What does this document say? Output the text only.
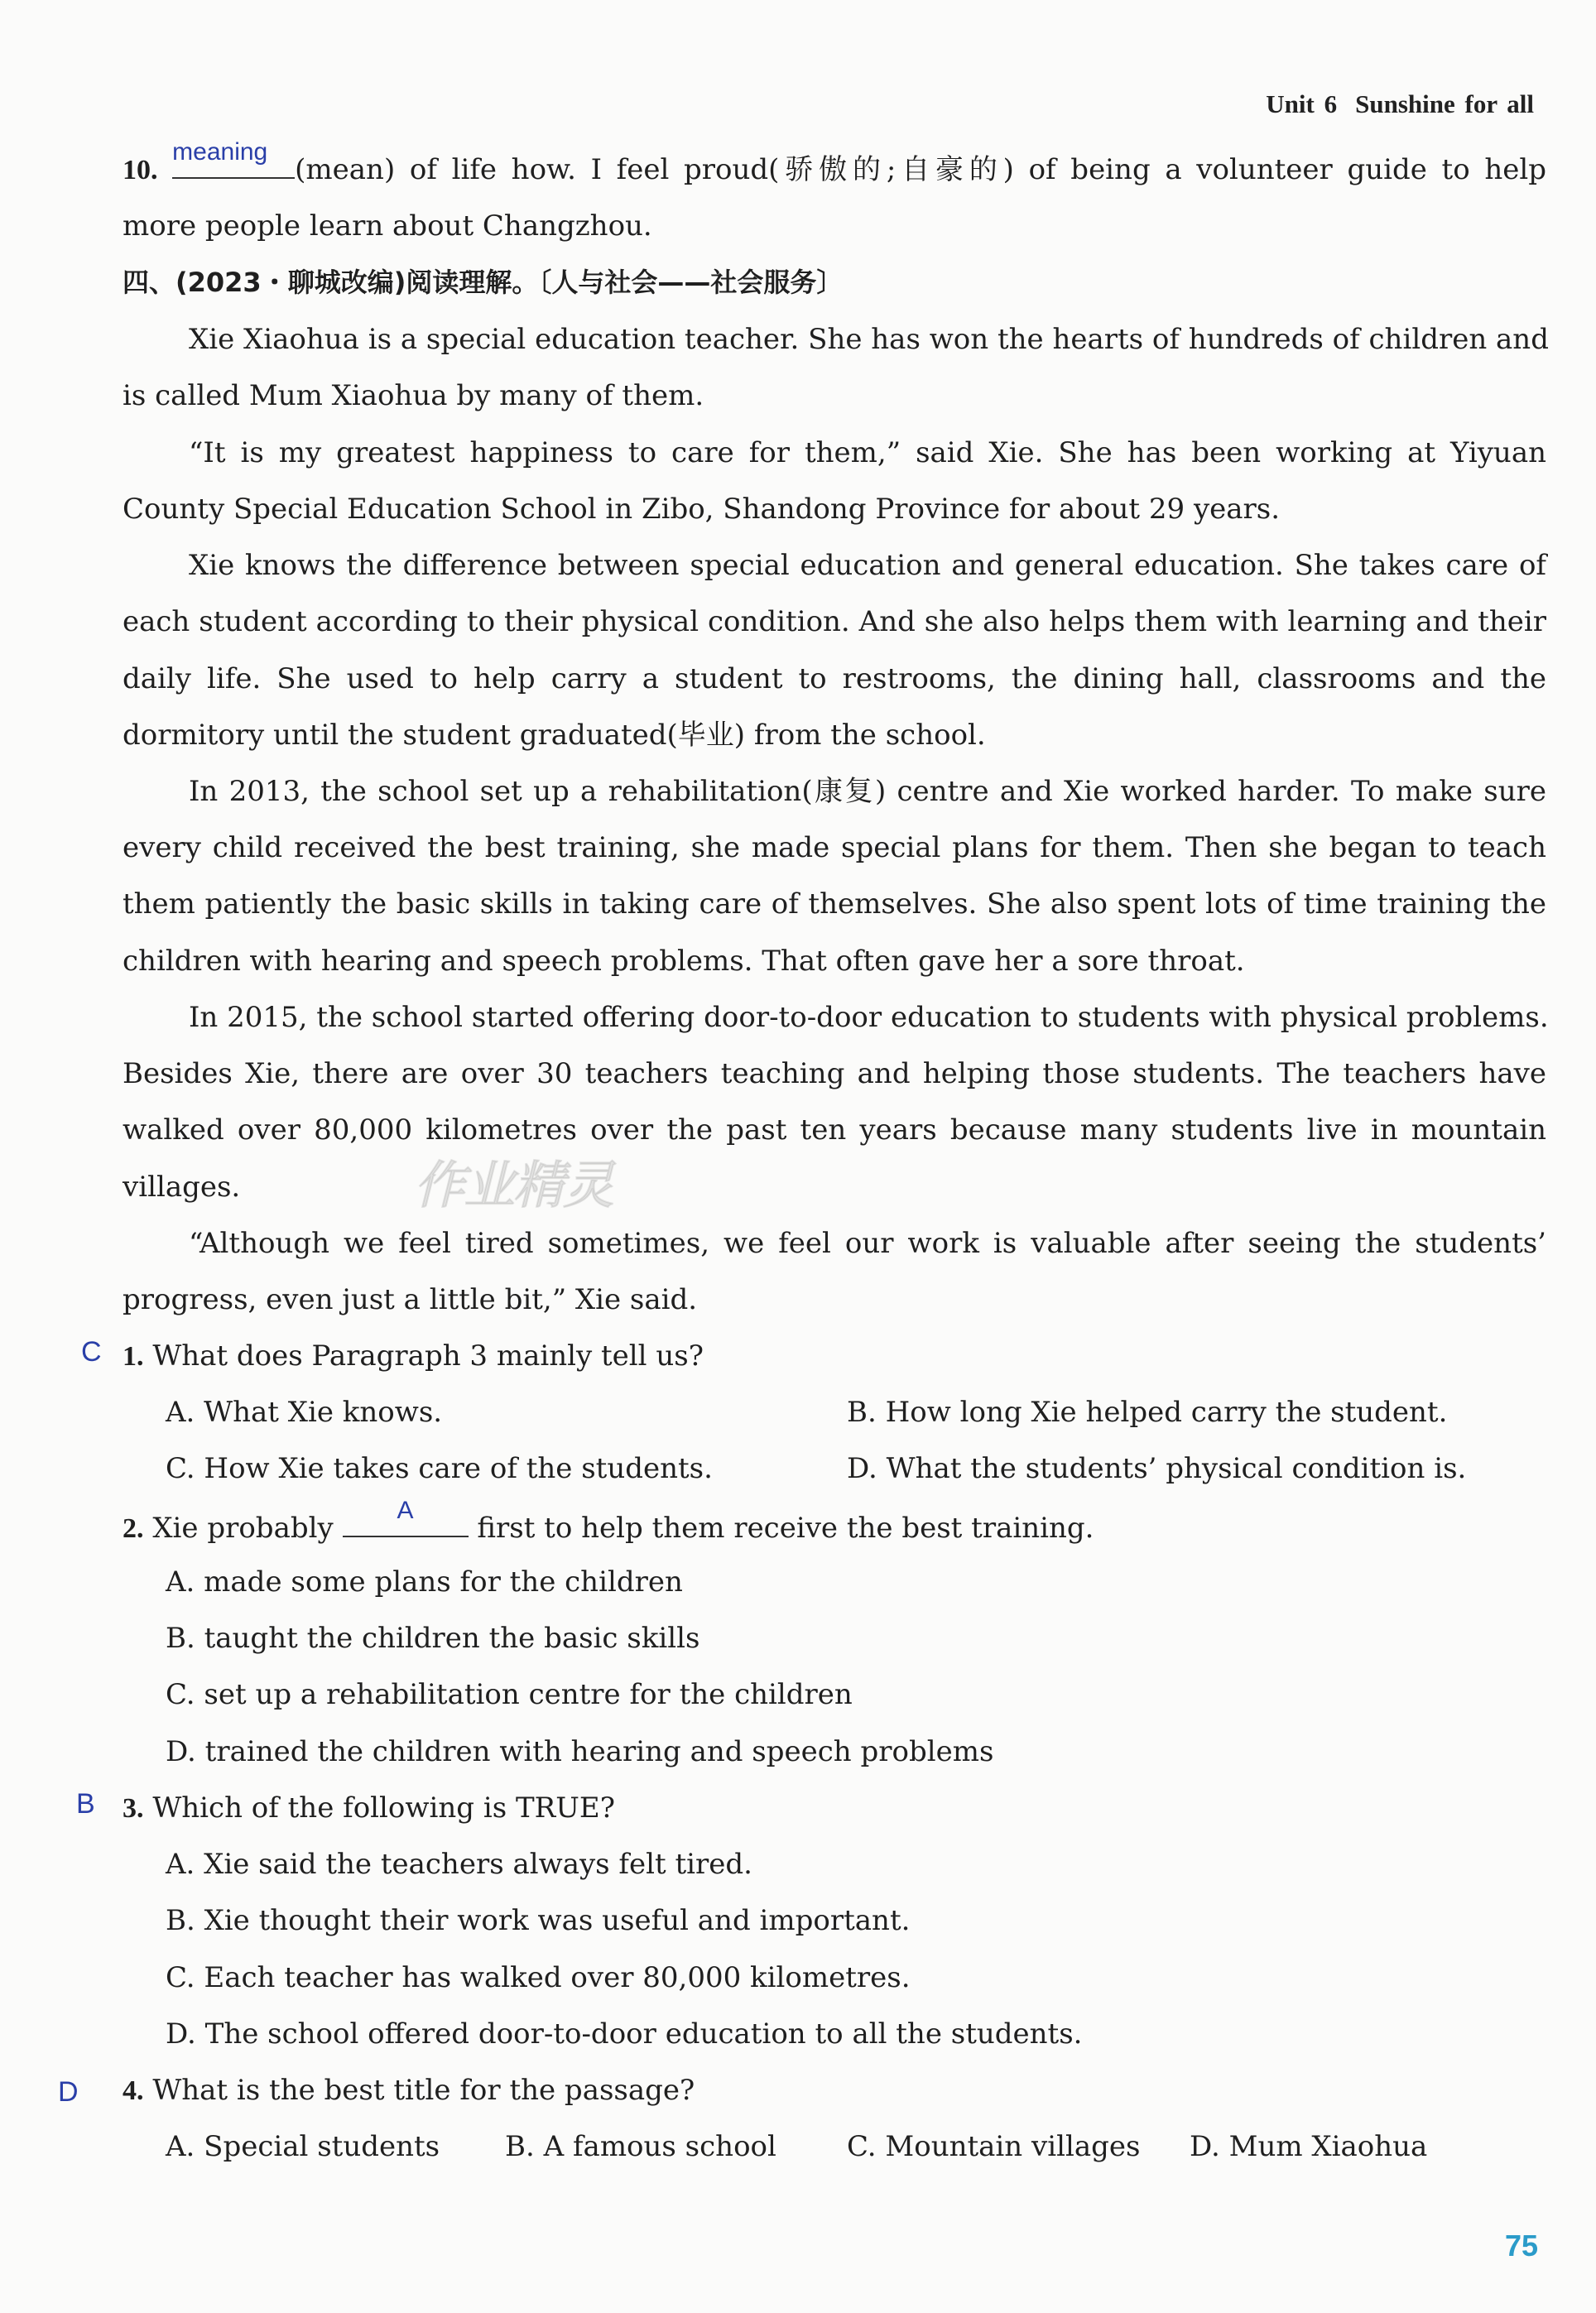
Unit 6 Sunshine for all
10.
meaning
(mean) of life how. I feel proud(骄傲的;自豪的) of being a volunteer guide to help
more people learn about Changzhou.
四、(2023・聊城改编)阅读理解。〔人与社会——社会服务〕
Xie Xiaohua is a special education teacher. She has won the hearts of hundreds of children and
is called Mum Xiaohua by many of them.
“It is my greatest happiness to care for them,” said Xie. She has been working at Yiyuan
County Special Education School in Zibo, Shandong Province for about 29 years.
Xie knows the difference between special education and general education. She takes care of
each student according to their physical condition. And she also helps them with learning and their
daily life. She used to help carry a student to restrooms, the dining hall, classrooms and the
dormitory until the student graduated(毕业) from the school.
In 2013, the school set up a rehabilitation(康复) centre and Xie worked harder. To make sure
every child received the best training, she made special plans for them. Then she began to teach
them patiently the basic skills in taking care of themselves. She also spent lots of time training the
children with hearing and speech problems. That often gave her a sore throat.
In 2015, the school started offering door-to-door education to students with physical problems.
Besides Xie, there are over 30 teachers teaching and helping those students. The teachers have
walked over 80,000 kilometres over the past ten years because many students live in mountain
villages.
“Although we feel tired sometimes, we feel our work is valuable after seeing the students’
progress, even just a little bit,” Xie said.
作业精灵
C 1. What does Paragraph 3 mainly tell us?
A. What Xie knows.	B. How long Xie helped carry the student.
C. How Xie takes care of the students.	D. What the students’ physical condition is.
2. Xie probably
A
first to help them receive the best training.
A. made some plans for the children
B. taught the children the basic skills
C. set up a rehabilitation centre for the children
D. trained the children with hearing and speech problems
B 3. Which of the following is TRUE?
A. Xie said the teachers always felt tired.
B. Xie thought their work was useful and important.
C. Each teacher has walked over 80,000 kilometres.
D. The school offered door-to-door education to all the students.
D 4. What is the best title for the passage?
A. Special students B. A famous school	C. Mountain villages D. Mum Xiaohua
75
